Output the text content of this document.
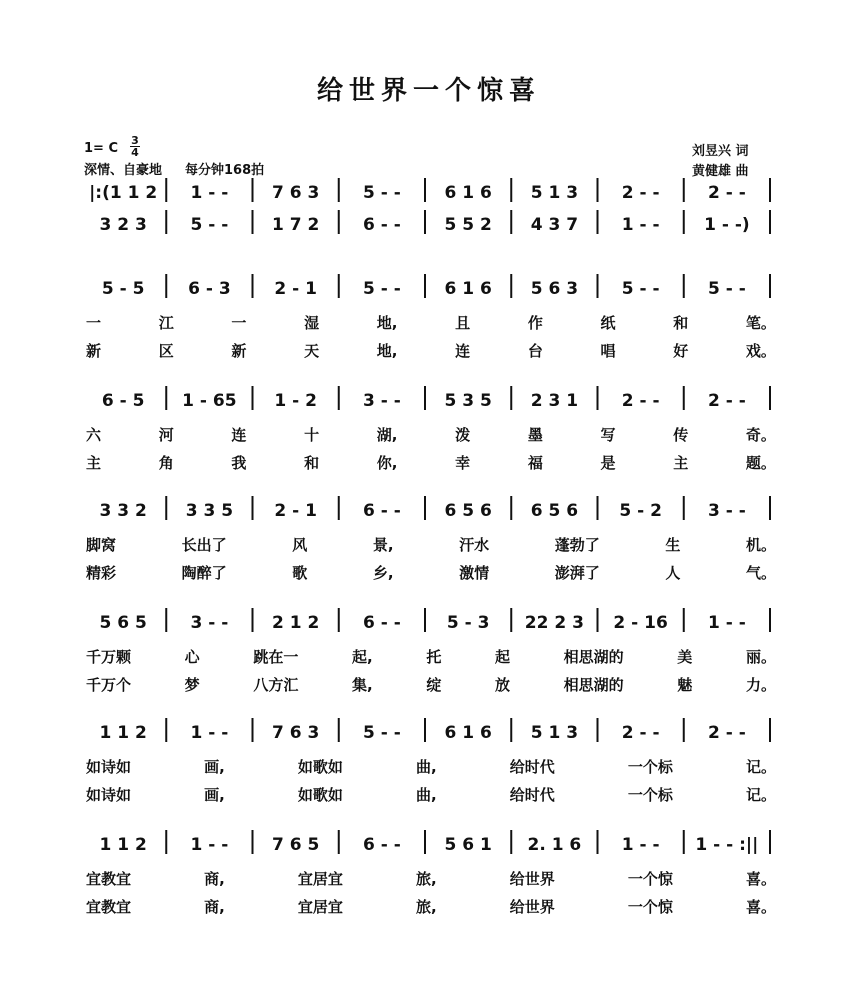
给世界一个惊喜
1= C $\frac{3}{4}$
深情、自豪地 每分钟168拍
刘昱兴 词
黄健雄 曲
|:(1 1 2 1 - -	7 6 3	5 - -	6 1 6 5 1 3	2 - -	2 - -
3 2 3	5 - -	1 7 2	6 - -	5 5 2 4 3 7	1 - -	1 - -)
5 - 5	6 - 3	2 - 1	5 - -	6 1 6 5 6 3	5 - -	5 - -
6 - 5 1 - 65 1 - 2	3 - -	5 3 5 2 3 1	2 - -	2 - -
3 3 2 3 3 5 2 - 1	6 - -	6 5 6 6 5 6 5 - 2	3 - -
5 6 5	3 - -	2 1 2	6 - -	5 - 3 22 2 3 2 - 16 1 - -
1 1 2	1 - -	7 6 3	5 - -	6 1 6 5 1 3	2 - -	2 - -
1 1 2	1 - -	7 6 5	6 - -	5 6 1 2. 1 6 1 - - 1 - - :||
一	江	一	湿	地,	且	作	纸	和	笔。
新	区	新	天	地,	连	台	唱	好	戏。
六	河	连	十	湖,	泼	墨	写	传	奇。
主	角	我	和	你,	幸	福	是	主	题。
脚窝	长出了	风	景,	汗水	蓬勃了	生	机。
精彩	陶醉了	歌	乡,	激情	澎湃了	人	气。
千万颗	心	跳在一	起,	托	起	相思湖的	美	丽。
千万个	梦	八方汇	集,	绽	放	相思湖的	魅	力。
如诗如	画,	如歌如	曲,	给时代	一个标	记。
如诗如	画,	如歌如	曲,	给时代	一个标	记。
宜教宜	商,	宜居宜	旅,	给世界	一个惊	喜。
宜教宜	商,	宜居宜	旅,	给世界	一个惊	喜。
